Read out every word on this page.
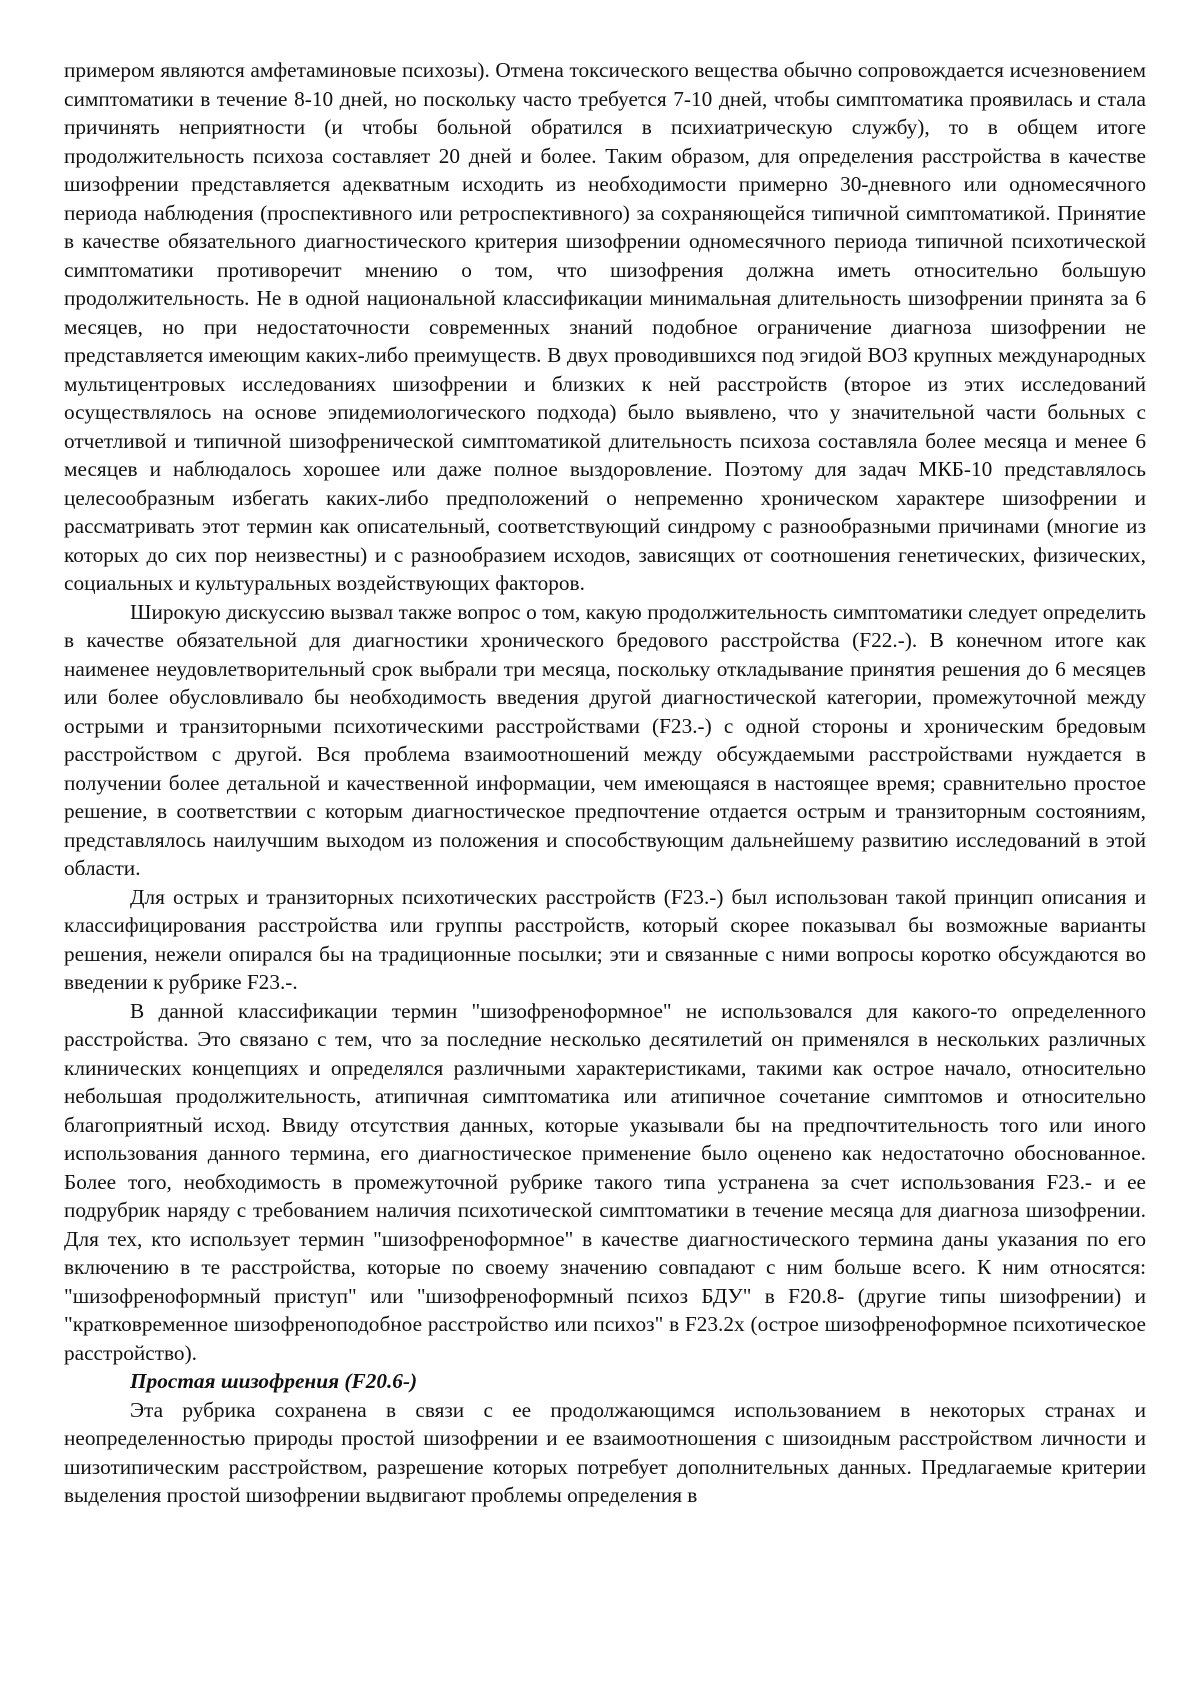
примером являются амфетаминовые психозы). Отмена токсического вещества обычно сопровождается исчезновением симптоматики в течение 8-10 дней, но поскольку часто требуется 7-10 дней, чтобы симптоматика проявилась и стала причинять неприятности (и чтобы больной обратился в психиатрическую службу), то в общем итоге продолжительность психоза составляет 20 дней и более. Таким образом, для определения расстройства в качестве шизофрении представляется адекватным исходить из необходимости примерно 30-дневного или одномесячного периода наблюдения (проспективного или ретроспективного) за сохраняющейся типичной симптоматикой. Принятие в качестве обязательного диагностического критерия шизофрении одномесячного периода типичной психотической симптоматики противоречит мнению о том, что шизофрения должна иметь относительно большую продолжительность. Не в одной национальной классификации минимальная длительность шизофрении принята за 6 месяцев, но при недостаточности современных знаний подобное ограничение диагноза шизофрении не представляется имеющим каких-либо преимуществ. В двух проводившихся под эгидой ВОЗ крупных международных мультицентровых исследованиях шизофрении и близких к ней расстройств (второе из этих исследований осуществлялось на основе эпидемиологического подхода) было выявлено, что у значительной части больных с отчетливой и типичной шизофренической симптоматикой длительность психоза составляла более месяца и менее 6 месяцев и наблюдалось хорошее или даже полное выздоровление. Поэтому для задач МКБ-10 представлялось целесообразным избегать каких-либо предположений о непременно хроническом характере шизофрении и рассматривать этот термин как описательный, соответствующий синдрому с разнообразными причинами (многие из которых до сих пор неизвестны) и с разнообразием исходов, зависящих от соотношения генетических, физических, социальных и культуральных воздействующих факторов.

Широкую дискуссию вызвал также вопрос о том, какую продолжительность симптоматики следует определить в качестве обязательной для диагностики хронического бредового расстройства (F22.-). В конечном итоге как наименее неудовлетворительный срок выбрали три месяца, поскольку откладывание принятия решения до 6 месяцев или более обусловливало бы необходимость введения другой диагностической категории, промежуточной между острыми и транзиторными психотическими расстройствами (F23.-) с одной стороны и хроническим бредовым расстройством с другой. Вся проблема взаимоотношений между обсуждаемыми расстройствами нуждается в получении более детальной и качественной информации, чем имеющаяся в настоящее время; сравнительно простое решение, в соответствии с которым диагностическое предпочтение отдается острым и транзиторным состояниям, представлялось наилучшим выходом из положения и способствующим дальнейшему развитию исследований в этой области.

Для острых и транзиторных психотических расстройств (F23.-) был использован такой принцип описания и классифицирования расстройства или группы расстройств, который скорее показывал бы возможные варианты решения, нежели опирался бы на традиционные посылки; эти и связанные с ними вопросы коротко обсуждаются во введении к рубрике F23.-.

В данной классификации термин "шизофреноформное" не использовался для какого-то определенного расстройства. Это связано с тем, что за последние несколько десятилетий он применялся в нескольких различных клинических концепциях и определялся различными характеристиками, такими как острое начало, относительно небольшая продолжительность, атипичная симптоматика или атипичное сочетание симптомов и относительно благоприятный исход. Ввиду отсутствия данных, которые указывали бы на предпочтительность того или иного использования данного термина, его диагностическое применение было оценено как недостаточно обоснованное. Более того, необходимость в промежуточной рубрике такого типа устранена за счет использования F23.- и ее подрубрик наряду с требованием наличия психотической симптоматики в течение месяца для диагноза шизофрении. Для тех, кто использует термин "шизофреноформное" в качестве диагностического термина даны указания по его включению в те расстройства, которые по своему значению совпадают с ним больше всего. К ним относятся: "шизофреноформный приступ" или "шизофреноформный психоз БДУ" в F20.8- (другие типы шизофрении) и "кратковременное шизофреноподобное расстройство или психоз" в F23.2x (острое шизофреноформное психотическое расстройство).

Простая шизофрения (F20.6-)

Эта рубрика сохранена в связи с ее продолжающимся использованием в некоторых странах и неопределенностью природы простой шизофрении и ее взаимоотношения с шизоидным расстройством личности и шизотипическим расстройством, разрешение которых потребует дополнительных данных. Предлагаемые критерии выделения простой шизофрении выдвигают проблемы определения в
